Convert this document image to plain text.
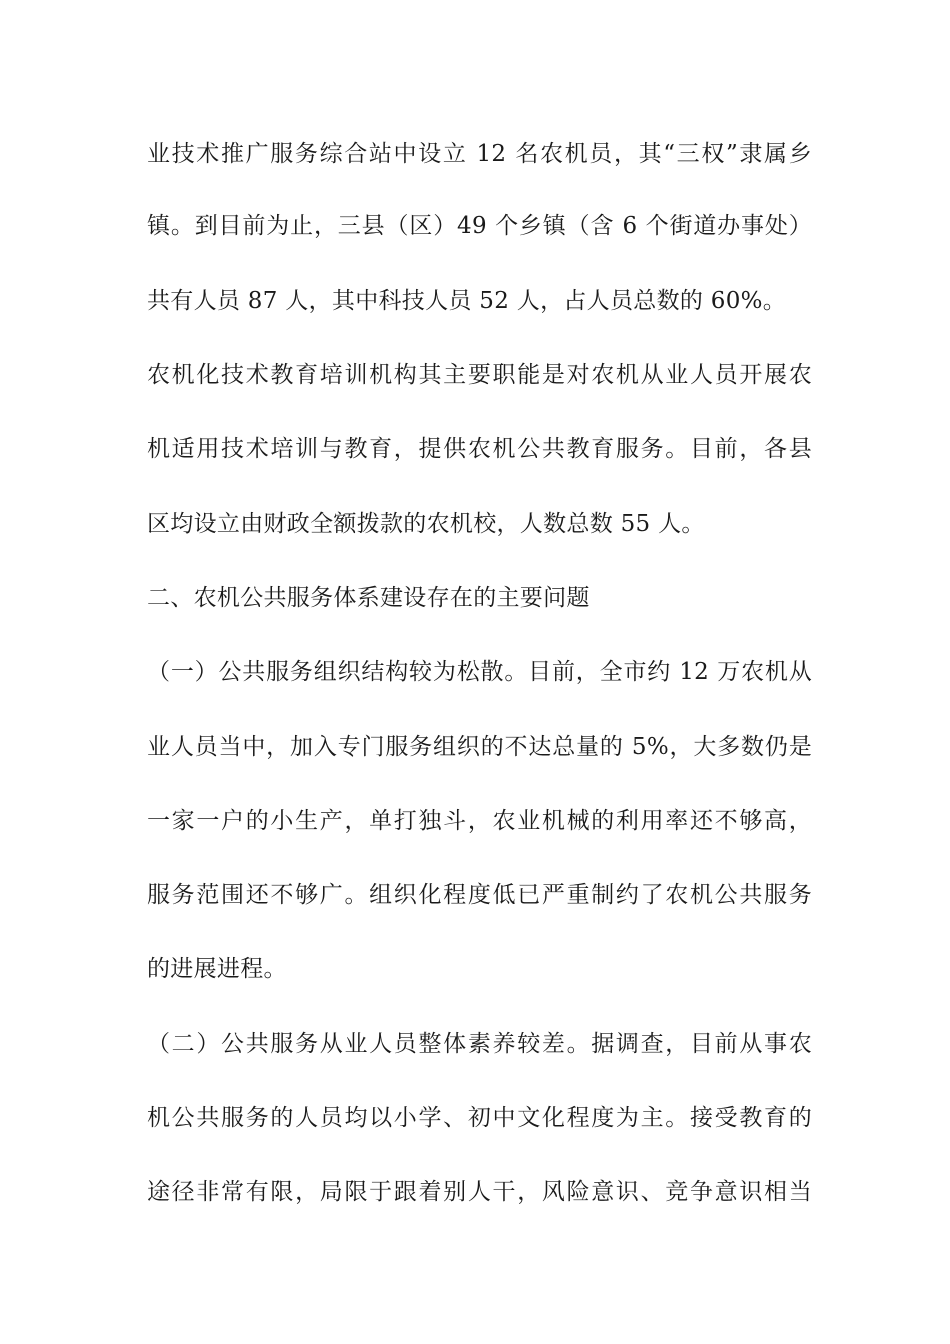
业技术推广服务综合站中设立 12 名农机员，其“三权”隶属乡
镇。到目前为止，三县（区）49 个乡镇（含 6 个街道办事处）
共有人员 87 人，其中科技人员 52 人，占人员总数的 60%。
农机化技术教育培训机构其主要职能是对农机从业人员开展农
机适用技术培训与教育，提供农机公共教育服务。目前，各县
区均设立由财政全额拨款的农机校，人数总数 55 人。
二、农机公共服务体系建设存在的主要问题
（一）公共服务组织结构较为松散。目前，全市约 12 万农机从
业人员当中，加入专门服务组织的不达总量的 5%，大多数仍是
一家一户的小生产，单打独斗，农业机械的利用率还不够高，
服务范围还不够广。组织化程度低已严重制约了农机公共服务
的进展进程。
（二）公共服务从业人员整体素养较差。据调查，目前从事农
机公共服务的人员均以小学、初中文化程度为主。接受教育的
途径非常有限，局限于跟着别人干，风险意识、竞争意识相当
